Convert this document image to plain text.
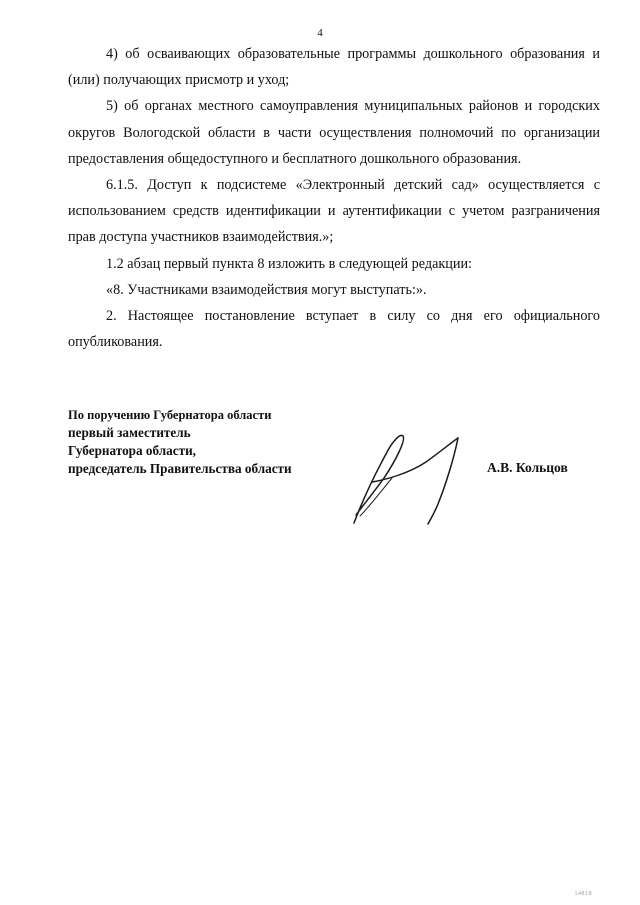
4

4) об осваивающих образовательные программы дошкольного образования и (или) получающих присмотр и уход;

5) об органах местного самоуправления муниципальных районов и городских округов Вологодской области в части осуществления полномочий по организации предоставления общедоступного и бесплатного дошкольного образования.

6.1.5. Доступ к подсистеме «Электронный детский сад» осуществляется с использованием средств идентификации и аутентификации с учетом разграничения прав доступа участников взаимодействия.»;

1.2 абзац первый пункта 8 изложить в следующей редакции:

«8. Участниками взаимодействия могут выступать:».

2. Настоящее постановление вступает в силу со дня его официального опубликования.

По поручению Губернатора области
первый заместитель
Губернатора области,
председатель Правительства области	А.В. Кольцов
14818
